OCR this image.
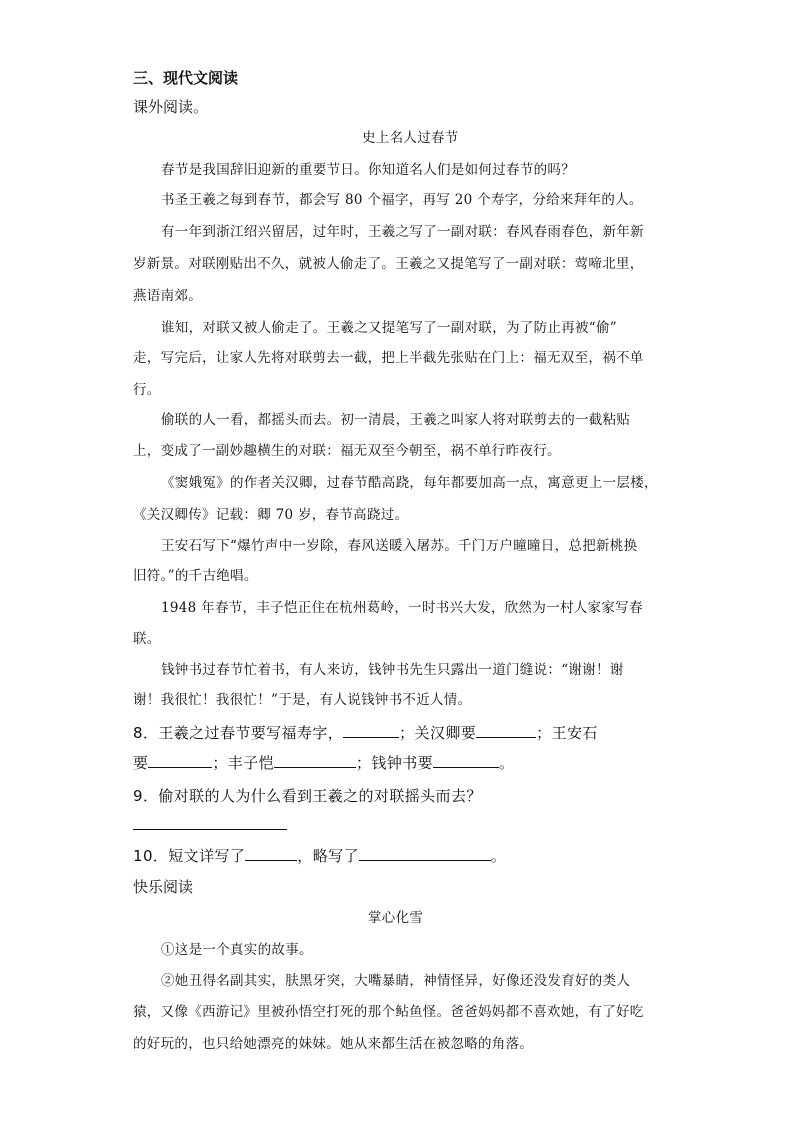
三、现代文阅读
课外阅读。
史上名人过春节
春节是我国辞旧迎新的重要节日。你知道名人们是如何过春节的吗？
书圣王羲之每到春节，都会写 80 个福字，再写 20 个寿字，分给来拜年的人。
有一年到浙江绍兴留居，过年时，王羲之写了一副对联：春风春雨春色，新年新
岁新景。对联刚贴出不久，就被人偷走了。王羲之又提笔写了一副对联：莺啼北里，
燕语南郊。
谁知，对联又被人偷走了。王羲之又提笔写了一副对联，为了防止再被“偷”
走，写完后，让家人先将对联剪去一截，把上半截先张贴在门上：福无双至，祸不单
行。
偷联的人一看，都摇头而去。初一清晨，王羲之叫家人将对联剪去的一截粘贴
上，变成了一副妙趣横生的对联：福无双至今朝至，祸不单行昨夜行。
《窦娥冤》的作者关汉卿，过春节酷高跷，每年都要加高一点，寓意更上一层楼，
《关汉卿传》记载：卿 70 岁，春节高跷过。
王安石写下“爆竹声中一岁除，春风送暖入屠苏。千门万户曈曈日，总把新桃换
旧符。”的千古绝唱。
1948 年春节，丰子恺正住在杭州葛岭，一时书兴大发，欣然为一村人家家写春
联。
钱钟书过春节忙着书，有人来访，钱钟书先生只露出一道门缝说：“谢谢！谢
谢！我很忙！我很忙！”于是，有人说钱钟书不近人情。
8．王羲之过春节要写福寿字，	；关汉卿要	；王安石
要	；丰子恺	；钱钟书要	。
9．偷对联的人为什么看到王羲之的对联摇头而去？
10．短文详写了	，略写了	。
快乐阅读
掌心化雪
①这是一个真实的故事。
②她丑得名副其实，肤黑牙突，大嘴暴睛，神情怪异，好像还没发育好的类人
猿，又像《西游记》里被孙悟空打死的那个鲇鱼怪。爸爸妈妈都不喜欢她，有了好吃
的好玩的，也只给她漂亮的妹妹。她从来都生活在被忽略的角落。
